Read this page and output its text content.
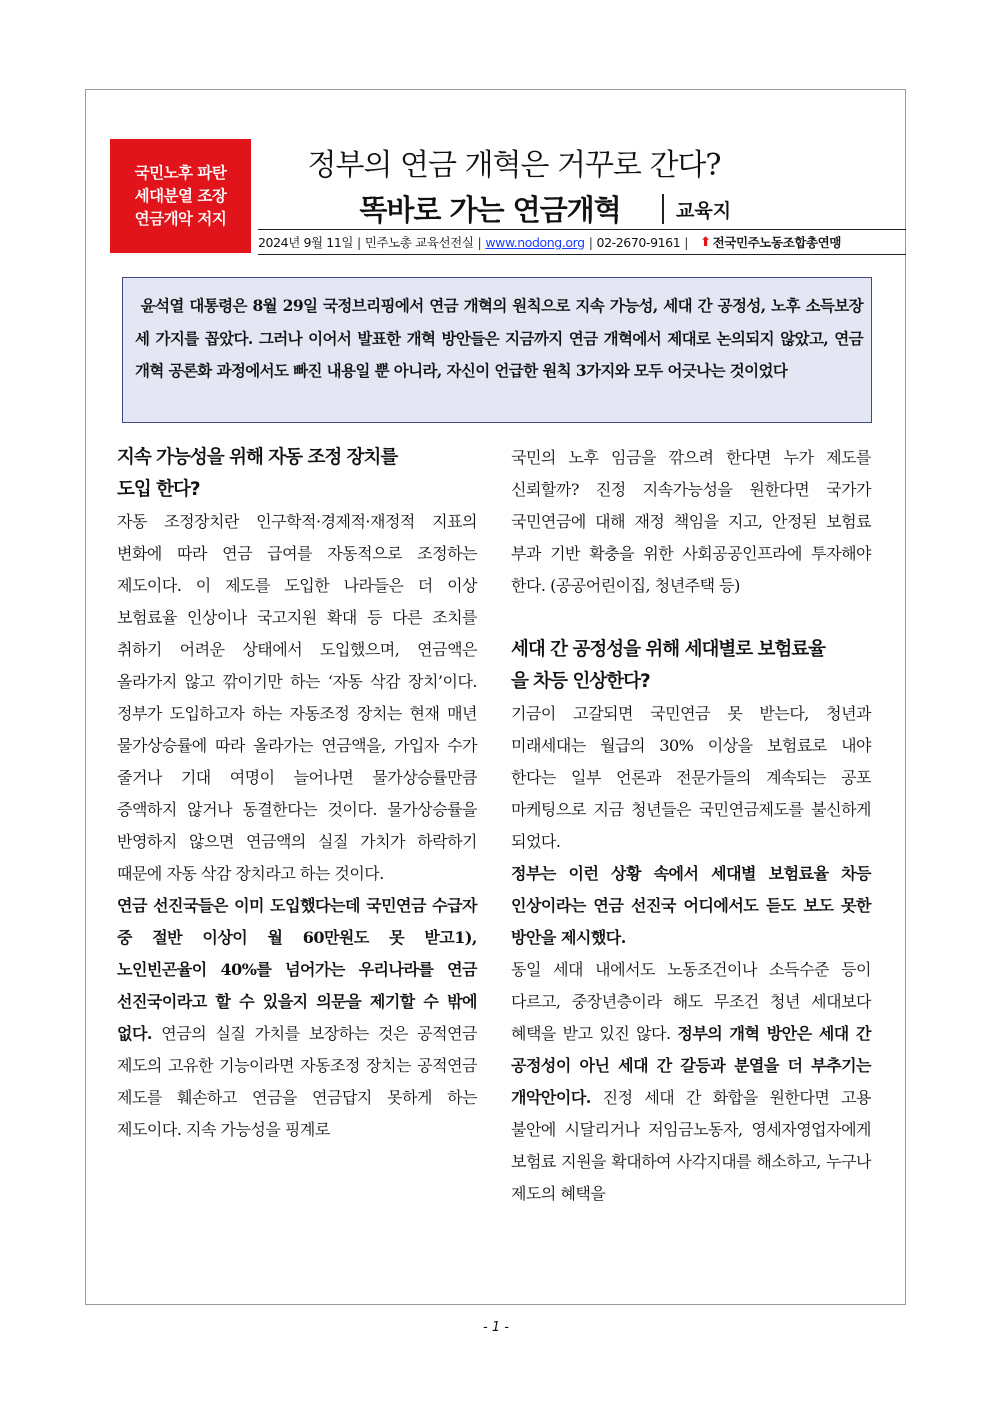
국민노후 파탄
세대분열 조장
연금개악 저지
정부의 연금 개혁은 거꾸로 간다?
똑바로 가는 연금개혁	교육지
2024년 9월 11일 | 민주노총 교육선전실 | www.nodong.org | 02-2670-9161 | ⬆ 전국민주노동조합총연맹
윤석열 대통령은 8월 29일 국정브리핑에서 연금 개혁의 원칙으로 지속 가능성, 세대 간 공정성, 노후 소득보장 세 가지를 꼽았다. 그러나 이어서 발표한 개혁 방안들은 지금까지 연금 개혁에서 제대로 논의되지 않았고, 연금 개혁 공론화 과정에서도 빠진 내용일 뿐 아니라, 자신이 언급한 원칙 3가지와 모두 어긋나는 것이었다

지속 가능성을 위해 자동 조정 장치를

도입 한다?

자동 조정장치란 인구학적·경제적·재정적 지표의 변화에 따라 연금 급여를 자동적으로 조정하는 제도이다. 이 제도를 도입한 나라들은 더 이상 보험료율 인상이나 국고지원 확대 등 다른 조치를 취하기 어려운 상태에서 도입했으며, 연금액은 올라가지 않고 깎이기만 하는 ‘자동 삭감 장치’이다. 정부가 도입하고자 하는 자동조정 장치는 현재 매년 물가상승률에 따라 올라가는 연금액을, 가입자 수가 줄거나 기대 여명이 늘어나면 물가상승률만큼 증액하지 않거나 동결한다는 것이다. 물가상승률을 반영하지 않으면 연금액의 실질 가치가 하락하기 때문에 자동 삭감 장치라고 하는 것이다.

연금 선진국들은 이미 도입했다는데 국민연금 수급자 중 절반 이상이 월 60만원도 못 받고1), 노인빈곤율이 40%를 넘어가는 우리나라를 연금 선진국이라고 할 수 있을지 의문을 제기할 수 밖에 없다. 연금의 실질 가치를 보장하는 것은 공적연금 제도의 고유한 기능이라면 자동조정 장치는 공적연금 제도를 훼손하고 연금을 연금답지 못하게 하는 제도이다. 지속 가능성을 핑계로

국민의 노후 임금을 깎으려 한다면 누가 제도를 신뢰할까? 진정 지속가능성을 원한다면 국가가 국민연금에 대해 재정 책임을 지고, 안정된 보험료 부과 기반 확충을 위한 사회공공인프라에 투자해야 한다. (공공어린이집, 청년주택 등)

세대 간 공정성을 위해 세대별로 보험료율

을 차등 인상한다?

기금이 고갈되면 국민연금 못 받는다, 청년과 미래세대는 월급의 30% 이상을 보험료로 내야 한다는 일부 언론과 전문가들의 계속되는 공포 마케팅으로 지금 청년들은 국민연금제도를 불신하게 되었다.

정부는 이런 상황 속에서 세대별 보험료율 차등 인상이라는 연금 선진국 어디에서도 듣도 보도 못한 방안을 제시했다.

동일 세대 내에서도 노동조건이나 소득수준 등이 다르고, 중장년층이라 해도 무조건 청년 세대보다 혜택을 받고 있진 않다. 정부의 개혁 방안은 세대 간 공정성이 아닌 세대 간 갈등과 분열을 더 부추기는 개악안이다. 진정 세대 간 화합을 원한다면 고용 불안에 시달리거나 저임금노동자, 영세자영업자에게 보험료 지원을 확대하여 사각지대를 해소하고, 누구나 제도의 혜택을

- 1 -
